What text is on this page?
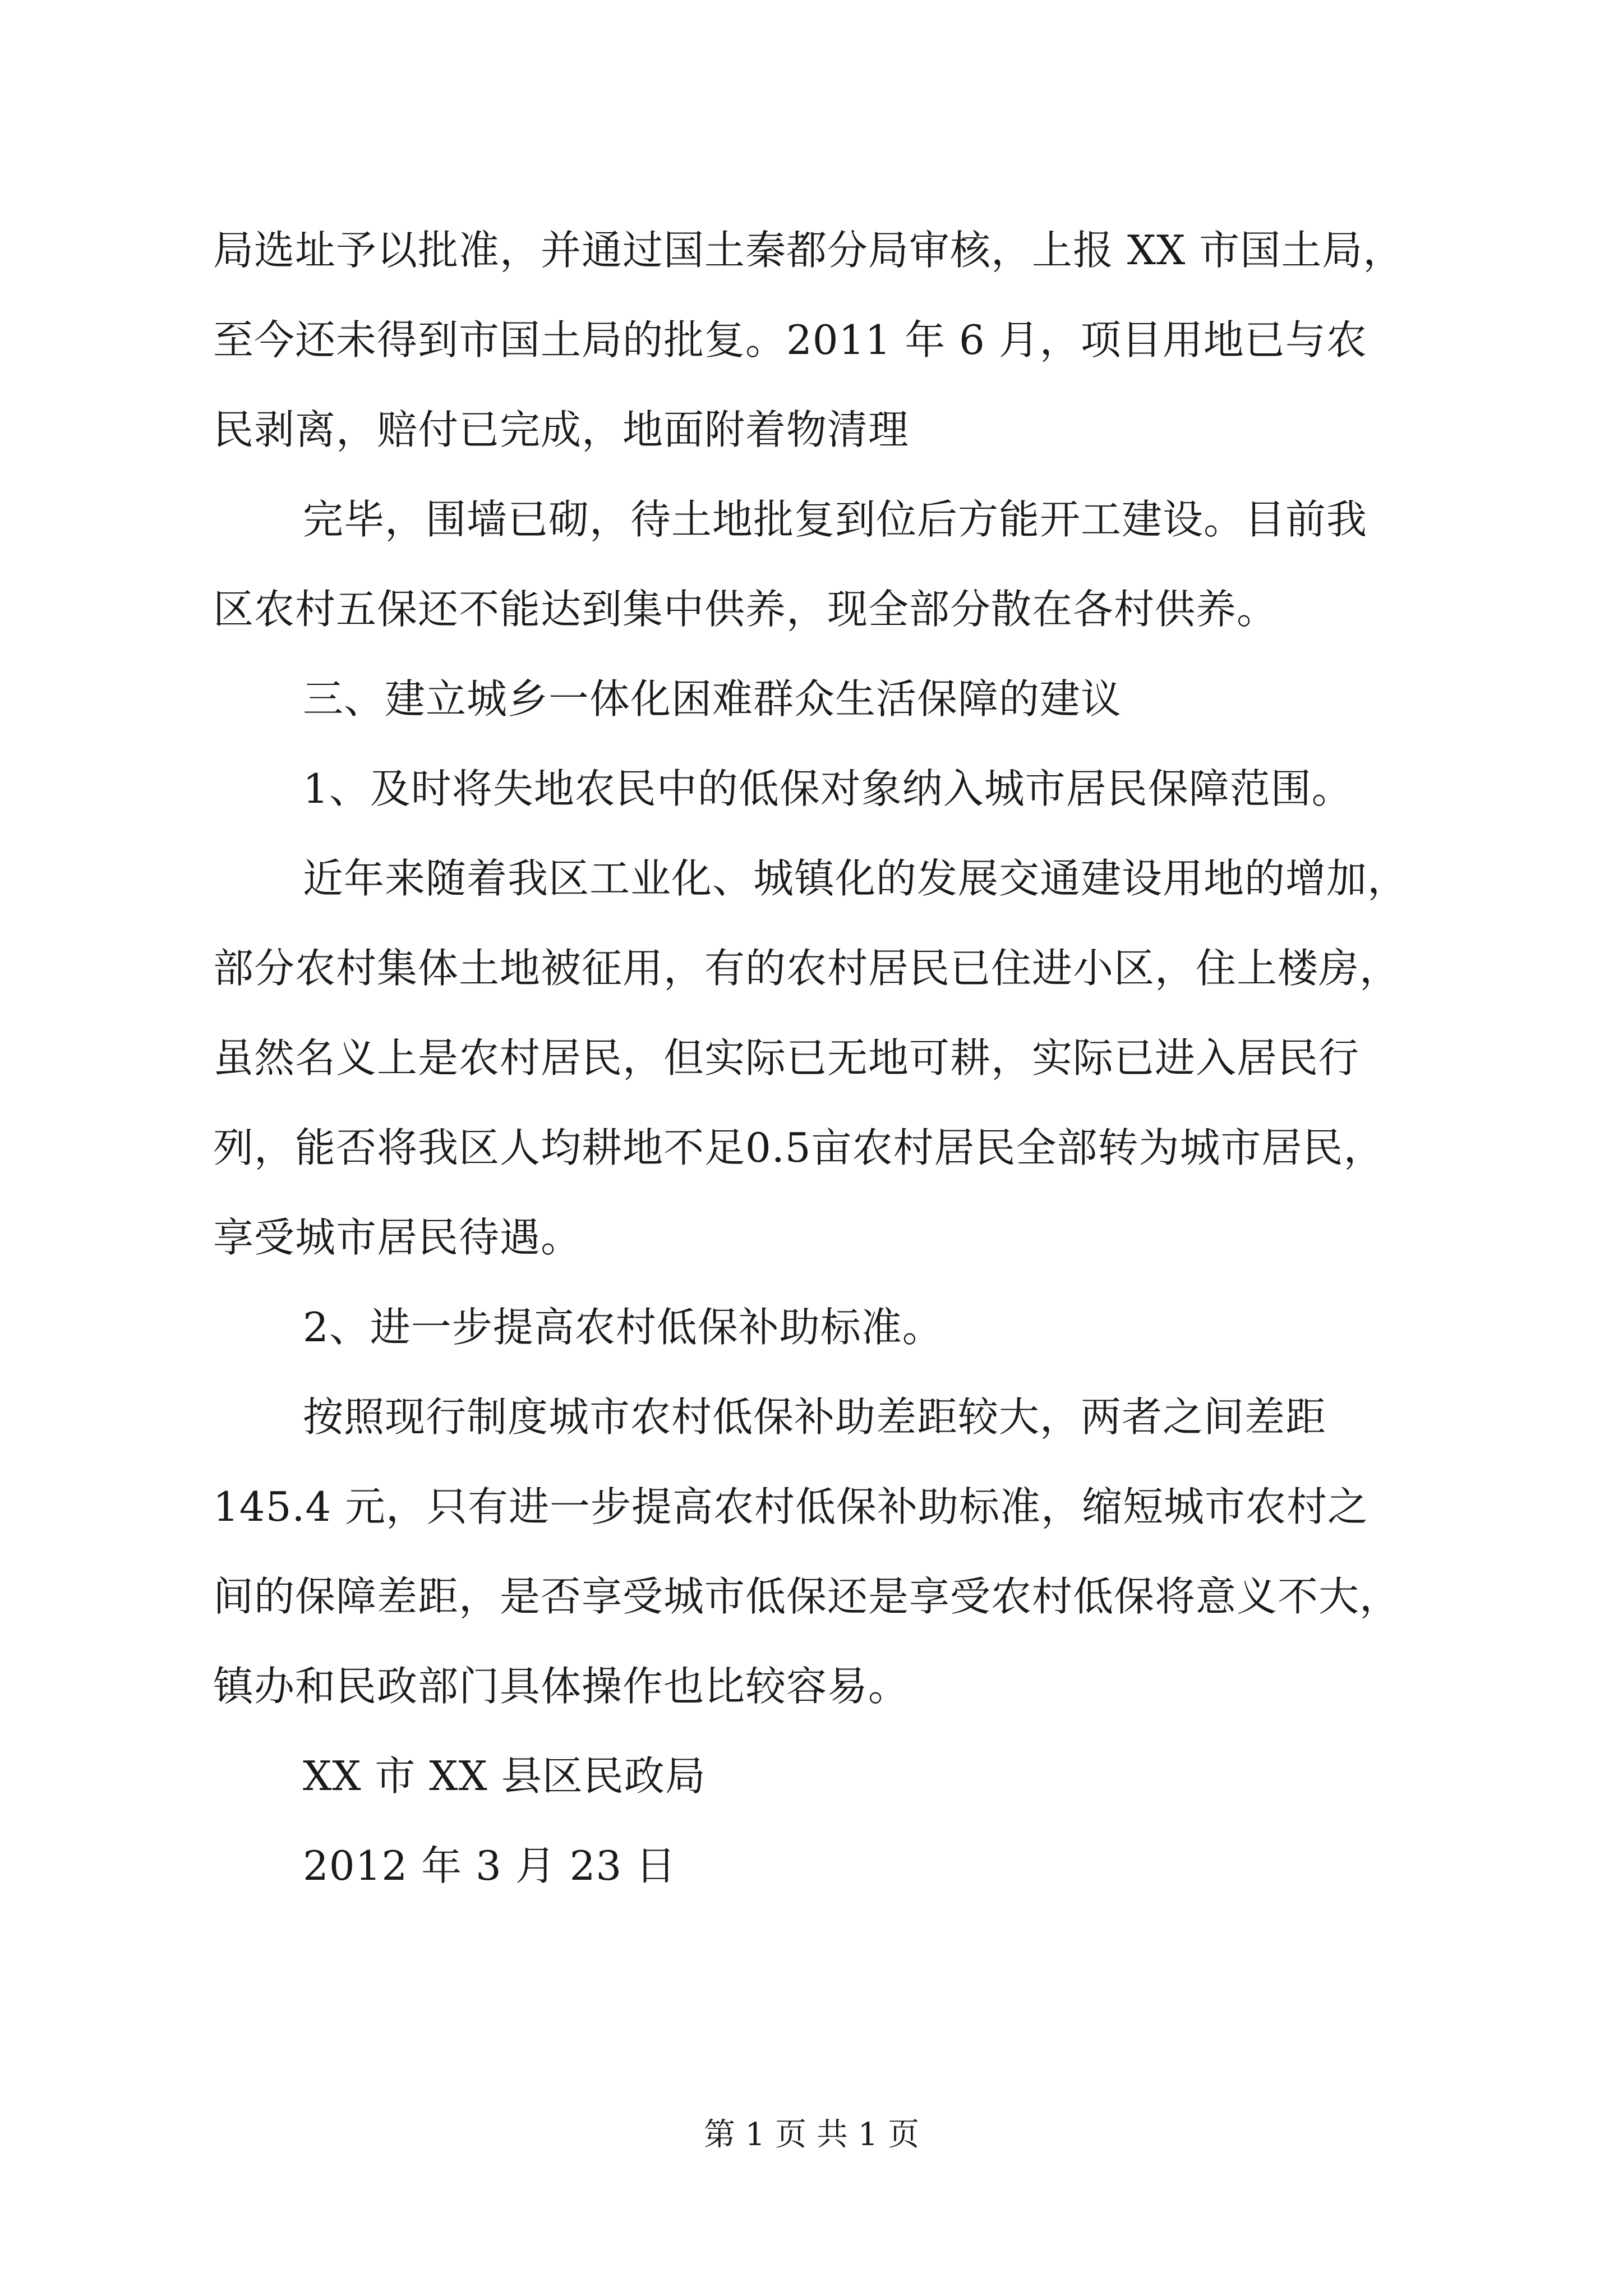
局选址予以批准，并通过国土秦都分局审核，上报 XX 市国土局，
至今还未得到市国土局的批复。2011 年 6 月，项目用地已与农
民剥离，赔付已完成，地面附着物清理
完毕，围墙已砌，待土地批复到位后方能开工建设。目前我
区农村五保还不能达到集中供养，现全部分散在各村供养。
三、建立城乡一体化困难群众生活保障的建议
1、及时将失地农民中的低保对象纳入城市居民保障范围。
近年来随着我区工业化、城镇化的发展交通建设用地的增加，
部分农村集体土地被征用，有的农村居民已住进小区，住上楼房，
虽然名义上是农村居民，但实际已无地可耕，实际已进入居民行
列，能否将我区人均耕地不足0.5亩农村居民全部转为城市居民，
享受城市居民待遇。
2、进一步提高农村低保补助标准。
按照现行制度城市农村低保补助差距较大，两者之间差距
145.4 元，只有进一步提高农村低保补助标准，缩短城市农村之
间的保障差距，是否享受城市低保还是享受农村低保将意义不大，
镇办和民政部门具体操作也比较容易。
XX 市 XX 县区民政局
2012 年 3 月 23 日
第 1 页 共 1 页
